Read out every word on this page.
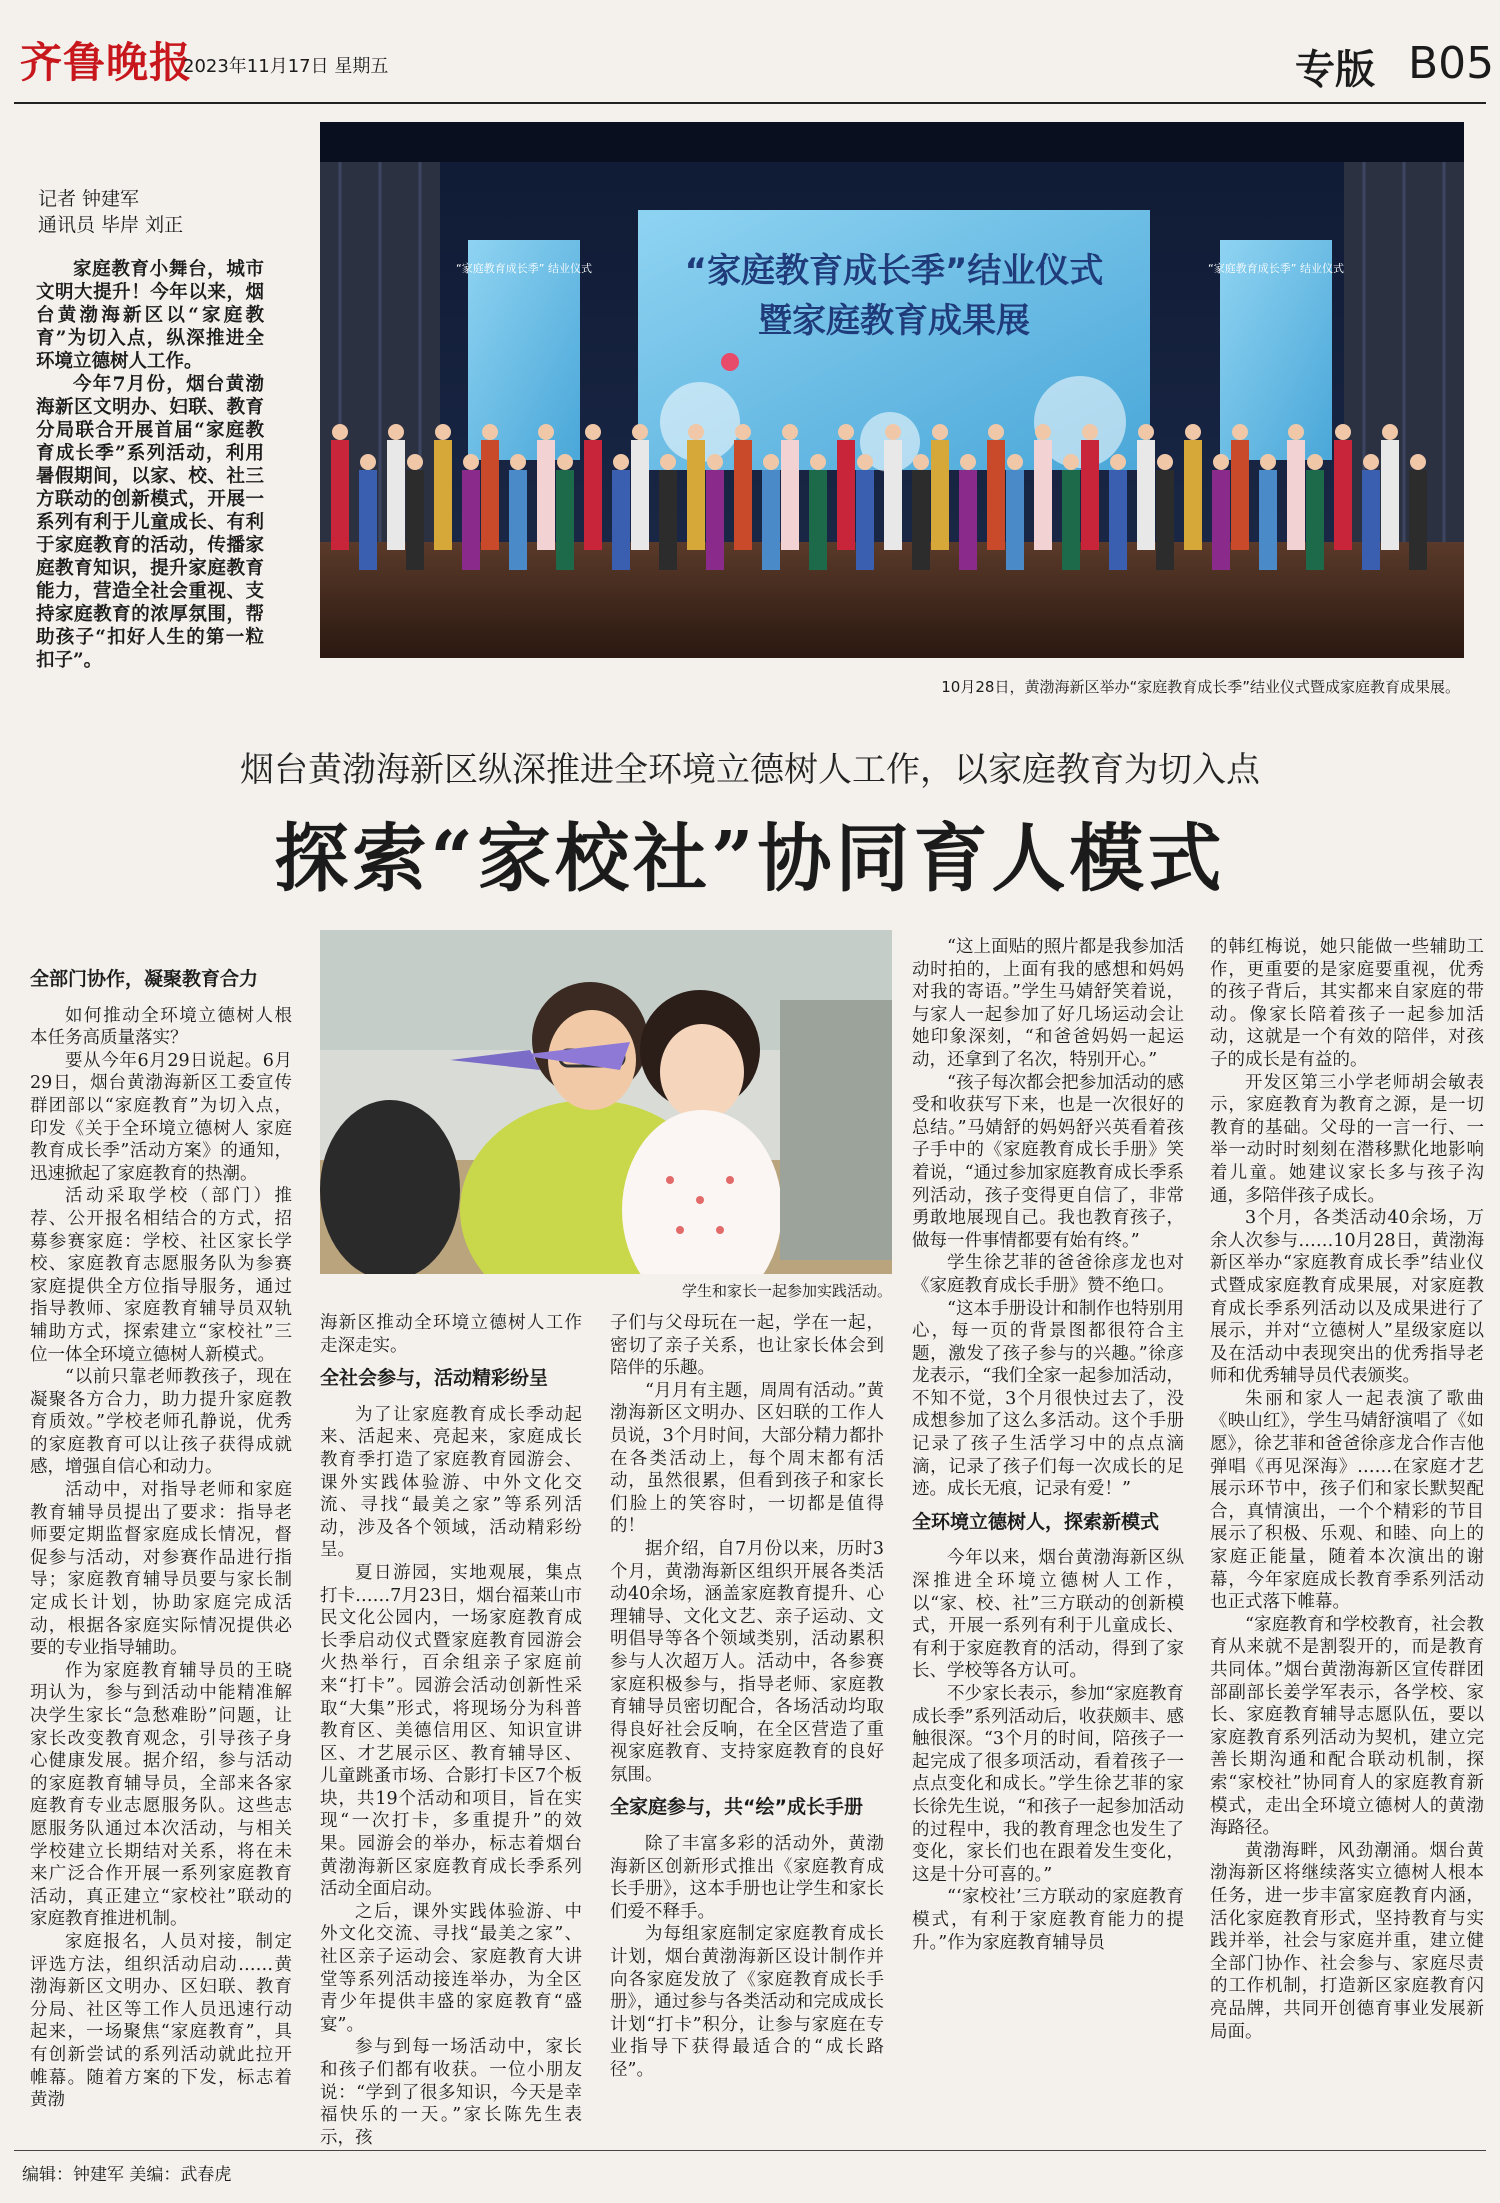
齐鲁晚报
2023年11月17日 星期五	专版 B05
记者 钟建军
通讯员 毕岸 刘正

家庭教育小舞台，城市文明大提升！今年以来，烟台黄渤海新区以“家庭教育”为切入点，纵深推进全环境立德树人工作。

今年7月份，烟台黄渤海新区文明办、妇联、教育分局联合开展首届“家庭教育成长季”系列活动，利用暑假期间，以家、校、社三方联动的创新模式，开展一系列有利于儿童成长、有利于家庭教育的活动，传播家庭教育知识，提升家庭教育能力，营造全社会重视、支持家庭教育的浓厚氛围，帮助孩子“扣好人生的第一粒扣子”。

“家庭教育成长季”结业仪式
暨家庭教育成果展
“家庭教育成长季” 结业仪式	“家庭教育成长季” 结业仪式
10月28日，黄渤海新区举办“家庭教育成长季”结业仪式暨成家庭教育成果展。
烟台黄渤海新区纵深推进全环境立德树人工作，以家庭教育为切入点
探索“家校社”协同育人模式
学生和家长一起参加实践活动。
全部门协作，凝聚教育合力

如何推动全环境立德树人根本任务高质量落实？

要从今年6月29日说起。6月29日，烟台黄渤海新区工委宣传群团部以“家庭教育”为切入点，印发《关于全环境立德树人 家庭教育成长季”活动方案》的通知，迅速掀起了家庭教育的热潮。

活动采取学校（部门）推荐、公开报名相结合的方式，招募参赛家庭：学校、社区家长学校、家庭教育志愿服务队为参赛家庭提供全方位指导服务，通过指导教师、家庭教育辅导员双轨辅助方式，探索建立“家校社”三位一体全环境立德树人新模式。

“以前只靠老师教孩子，现在凝聚各方合力，助力提升家庭教育质效。”学校老师孔静说，优秀的家庭教育可以让孩子获得成就感，增强自信心和动力。

活动中，对指导老师和家庭教育辅导员提出了要求：指导老师要定期监督家庭成长情况，督促参与活动，对参赛作品进行指导；家庭教育辅导员要与家长制定成长计划，协助家庭完成活动，根据各家庭实际情况提供必要的专业指导辅助。

作为家庭教育辅导员的王晓玥认为，参与到活动中能精准解决学生家长“急愁难盼”问题，让家长改变教育观念，引导孩子身心健康发展。据介绍，参与活动的家庭教育辅导员，全部来各家庭教育专业志愿服务队。这些志愿服务队通过本次活动，与相关学校建立长期结对关系，将在未来广泛合作开展一系列家庭教育活动，真正建立“家校社”联动的家庭教育推进机制。

家庭报名，人员对接，制定评选方法，组织活动启动……黄渤海新区文明办、区妇联、教育分局、社区等工作人员迅速行动起来，一场聚焦“家庭教育”，具有创新尝试的系列活动就此拉开帷幕。随着方案的下发，标志着黄渤

海新区推动全环境立德树人工作走深走实。

全社会参与，活动精彩纷呈

为了让家庭教育成长季动起来、活起来、亮起来，家庭成长教育季打造了家庭教育园游会、课外实践体验游、中外文化交流、寻找“最美之家”等系列活动，涉及各个领域，活动精彩纷呈。

夏日游园，实地观展，集点打卡……7月23日，烟台福莱山市民文化公园内，一场家庭教育成长季启动仪式暨家庭教育园游会火热举行，百余组亲子家庭前来“打卡”。园游会活动创新性采取“大集”形式，将现场分为科普教育区、美德信用区、知识宣讲区、才艺展示区、教育辅导区、儿童跳蚤市场、合影打卡区7个板块，共19个活动和项目，旨在实现“一次打卡，多重提升”的效果。园游会的举办，标志着烟台黄渤海新区家庭教育成长季系列活动全面启动。

之后，课外实践体验游、中外文化交流、寻找“最美之家”、社区亲子运动会、家庭教育大讲堂等系列活动接连举办，为全区青少年提供丰盛的家庭教育“盛宴”。

参与到每一场活动中，家长和孩子们都有收获。一位小朋友说：“学到了很多知识，今天是幸福快乐的一天。”家长陈先生表示，孩

子们与父母玩在一起，学在一起，密切了亲子关系，也让家长体会到陪伴的乐趣。

“月月有主题，周周有活动。”黄渤海新区文明办、区妇联的工作人员说，3个月时间，大部分精力都扑在各类活动上，每个周末都有活动，虽然很累，但看到孩子和家长们脸上的笑容时，一切都是值得的！

据介绍，自7月份以来，历时3个月，黄渤海新区组织开展各类活动40余场，涵盖家庭教育提升、心理辅导、文化文艺、亲子运动、文明倡导等各个领域类别，活动累积参与人次超万人。活动中，各参赛家庭积极参与，指导老师、家庭教育辅导员密切配合，各场活动均取得良好社会反响，在全区营造了重视家庭教育、支持家庭教育的良好氛围。

全家庭参与，共“绘”成长手册

除了丰富多彩的活动外，黄渤海新区创新形式推出《家庭教育成长手册》，这本手册也让学生和家长们爱不释手。

为每组家庭制定家庭教育成长计划，烟台黄渤海新区设计制作并向各家庭发放了《家庭教育成长手册》，通过参与各类活动和完成成长计划“打卡”积分，让参与家庭在专业指导下获得最适合的“成长路径”。

“这上面贴的照片都是我参加活动时拍的，上面有我的感想和妈妈对我的寄语。”学生马婧舒笑着说，与家人一起参加了好几场运动会让她印象深刻，“和爸爸妈妈一起运动，还拿到了名次，特别开心。”

“孩子每次都会把参加活动的感受和收获写下来，也是一次很好的总结。”马婧舒的妈妈舒兴英看着孩子手中的《家庭教育成长手册》笑着说，“通过参加家庭教育成长季系列活动，孩子变得更自信了，非常勇敢地展现自己。我也教育孩子，做每一件事情都要有始有终。”

学生徐艺菲的爸爸徐彦龙也对《家庭教育成长手册》赞不绝口。

“这本手册设计和制作也特别用心，每一页的背景图都很符合主题，激发了孩子参与的兴趣。”徐彦龙表示，“我们全家一起参加活动，不知不觉，3个月很快过去了，没成想参加了这么多活动。这个手册记录了孩子生活学习中的点点滴滴，记录了孩子们每一次成长的足迹。成长无痕，记录有爱！”

全环境立德树人，探索新模式

今年以来，烟台黄渤海新区纵深推进全环境立德树人工作，以“家、校、社”三方联动的创新模式，开展一系列有利于儿童成长、有利于家庭教育的活动，得到了家长、学校等各方认可。

不少家长表示，参加“家庭教育成长季”系列活动后，收获颇丰、感触很深。“3个月的时间，陪孩子一起完成了很多项活动，看着孩子一点点变化和成长。”学生徐艺菲的家长徐先生说，“和孩子一起参加活动的过程中，我的教育理念也发生了变化，家长们也在跟着发生变化，这是十分可喜的。”

“‘家校社’三方联动的家庭教育模式，有利于家庭教育能力的提升。”作为家庭教育辅导员

的韩红梅说，她只能做一些辅助工作，更重要的是家庭要重视，优秀的孩子背后，其实都来自家庭的带动。像家长陪着孩子一起参加活动，这就是一个有效的陪伴，对孩子的成长是有益的。

开发区第三小学老师胡会敏表示，家庭教育为教育之源，是一切教育的基础。父母的一言一行、一举一动时时刻刻在潜移默化地影响着儿童。她建议家长多与孩子沟通，多陪伴孩子成长。

3个月，各类活动40余场，万余人次参与……10月28日，黄渤海新区举办“家庭教育成长季”结业仪式暨成家庭教育成果展，对家庭教育成长季系列活动以及成果进行了展示，并对“立德树人”星级家庭以及在活动中表现突出的优秀指导老师和优秀辅导员代表颁奖。

朱丽和家人一起表演了歌曲《映山红》，学生马婧舒演唱了《如愿》，徐艺菲和爸爸徐彦龙合作吉他弹唱《再见深海》……在家庭才艺展示环节中，孩子们和家长默契配合，真情演出，一个个精彩的节目展示了积极、乐观、和睦、向上的家庭正能量，随着本次演出的谢幕，今年家庭成长教育季系列活动也正式落下帷幕。

“家庭教育和学校教育，社会教育从来就不是割裂开的，而是教育共同体。”烟台黄渤海新区宣传群团部副部长姜学军表示，各学校、家长、家庭教育辅导志愿队伍，要以家庭教育系列活动为契机，建立完善长期沟通和配合联动机制，探索“家校社”协同育人的家庭教育新模式，走出全环境立德树人的黄渤海路径。

黄渤海畔，风劲潮涌。烟台黄渤海新区将继续落实立德树人根本任务，进一步丰富家庭教育内涵，活化家庭教育形式，坚持教育与实践并举，社会与家庭并重，建立健全部门协作、社会参与、家庭尽责的工作机制，打造新区家庭教育闪亮品牌，共同开创德育事业发展新局面。

编辑：钟建军 美编：武春虎
